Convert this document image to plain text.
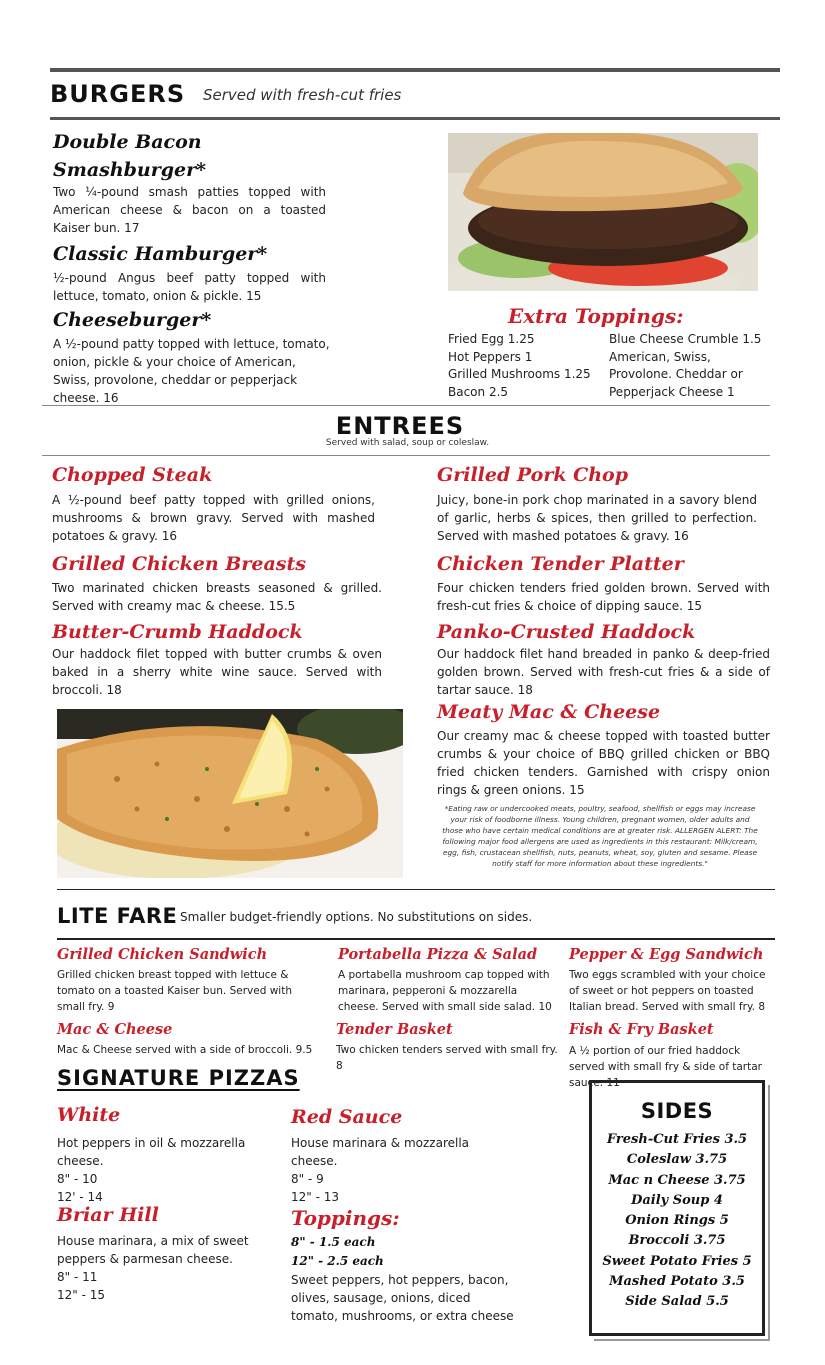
BURGERS Served with fresh-cut fries
Double Bacon
Smashburger*
Two ¼-pound smash patties topped with American cheese & bacon on a toasted Kaiser bun. 17
Classic Hamburger*
½-pound Angus beef patty topped with lettuce, tomato, onion & pickle. 15
Cheeseburger*
A ½-pound patty topped with lettuce, tomato, onion, pickle & your choice of American, Swiss, provolone, cheddar or pepperjack cheese. 16
Extra Toppings:
Fried Egg 1.25
Hot Peppers 1
Grilled Mushrooms 1.25
Bacon 2.5
Blue Cheese Crumble 1.5
American, Swiss,
Provolone. Cheddar or
Pepperjack Cheese 1
ENTREES
Served with salad, soup or coleslaw.
Chopped Steak
A ½-pound beef patty topped with grilled onions, mushrooms & brown gravy. Served with mashed potatoes & gravy. 16
Grilled Chicken Breasts
Two marinated chicken breasts seasoned & grilled. Served with creamy mac & cheese. 15.5
Butter-Crumb Haddock
Our haddock filet topped with butter crumbs & oven baked in a sherry white wine sauce. Served with broccoli. 18
Grilled Pork Chop
Juicy, bone-in pork chop marinated in a savory blend of garlic, herbs & spices, then grilled to perfection. Served with mashed potatoes & gravy. 16
Chicken Tender Platter
Four chicken tenders fried golden brown. Served with fresh-cut fries & choice of dipping sauce. 15
Panko-Crusted Haddock
Our haddock filet hand breaded in panko & deep-fried golden brown. Served with fresh-cut fries & a side of tartar sauce. 18
Meaty Mac & Cheese
Our creamy mac & cheese topped with toasted butter crumbs & your choice of BBQ grilled chicken or BBQ fried chicken tenders. Garnished with crispy onion rings & green onions. 15
*Eating raw or undercooked meats, poultry, seafood, shellfish or eggs may increase your risk of foodborne illness. Young children, pregnant women, older adults and those who have certain medical conditions are at greater risk. ALLERGEN ALERT: The following major food allergens are used as ingredients in this restaurant: Milk/cream, egg, fish, crustacean shellfish, nuts, peanuts, wheat, soy, gluten and sesame. Please notify staff for more information about these ingredients."
LITE FARE Smaller budget-friendly options. No substitutions on sides.
Grilled Chicken Sandwich
Grilled chicken breast topped with lettuce & tomato on a toasted Kaiser bun. Served with small fry. 9
Portabella Pizza & Salad
A portabella mushroom cap topped with marinara, pepperoni & mozzarella cheese. Served with small side salad. 10
Pepper & Egg Sandwich
Two eggs scrambled with your choice of sweet or hot peppers on toasted Italian bread. Served with small fry. 8
Mac & Cheese
Mac & Cheese served with a side of broccoli. 9.5
Tender Basket
Two chicken tenders served with small fry. 8
Fish & Fry Basket
A ½ portion of our fried haddock served with small fry & side of tartar sauce. 11
SIGNATURE PIZZAS
White
Hot peppers in oil & mozzarella cheese.
8" - 10
12' - 14
Briar Hill
House marinara, a mix of sweet peppers & parmesan cheese.
8" - 11
12" - 15
Red Sauce
House marinara & mozzarella cheese.
8" - 9
12" - 13
Toppings:
8" - 1.5 each
12" - 2.5 each
Sweet peppers, hot peppers, bacon, olives, sausage, onions, diced tomato, mushrooms, or extra cheese
SIDES
Fresh-Cut Fries 3.5
Coleslaw 3.75
Mac n Cheese 3.75
Daily Soup 4
Onion Rings 5
Broccoli 3.75
Sweet Potato Fries 5
Mashed Potato 3.5
Side Salad 5.5
